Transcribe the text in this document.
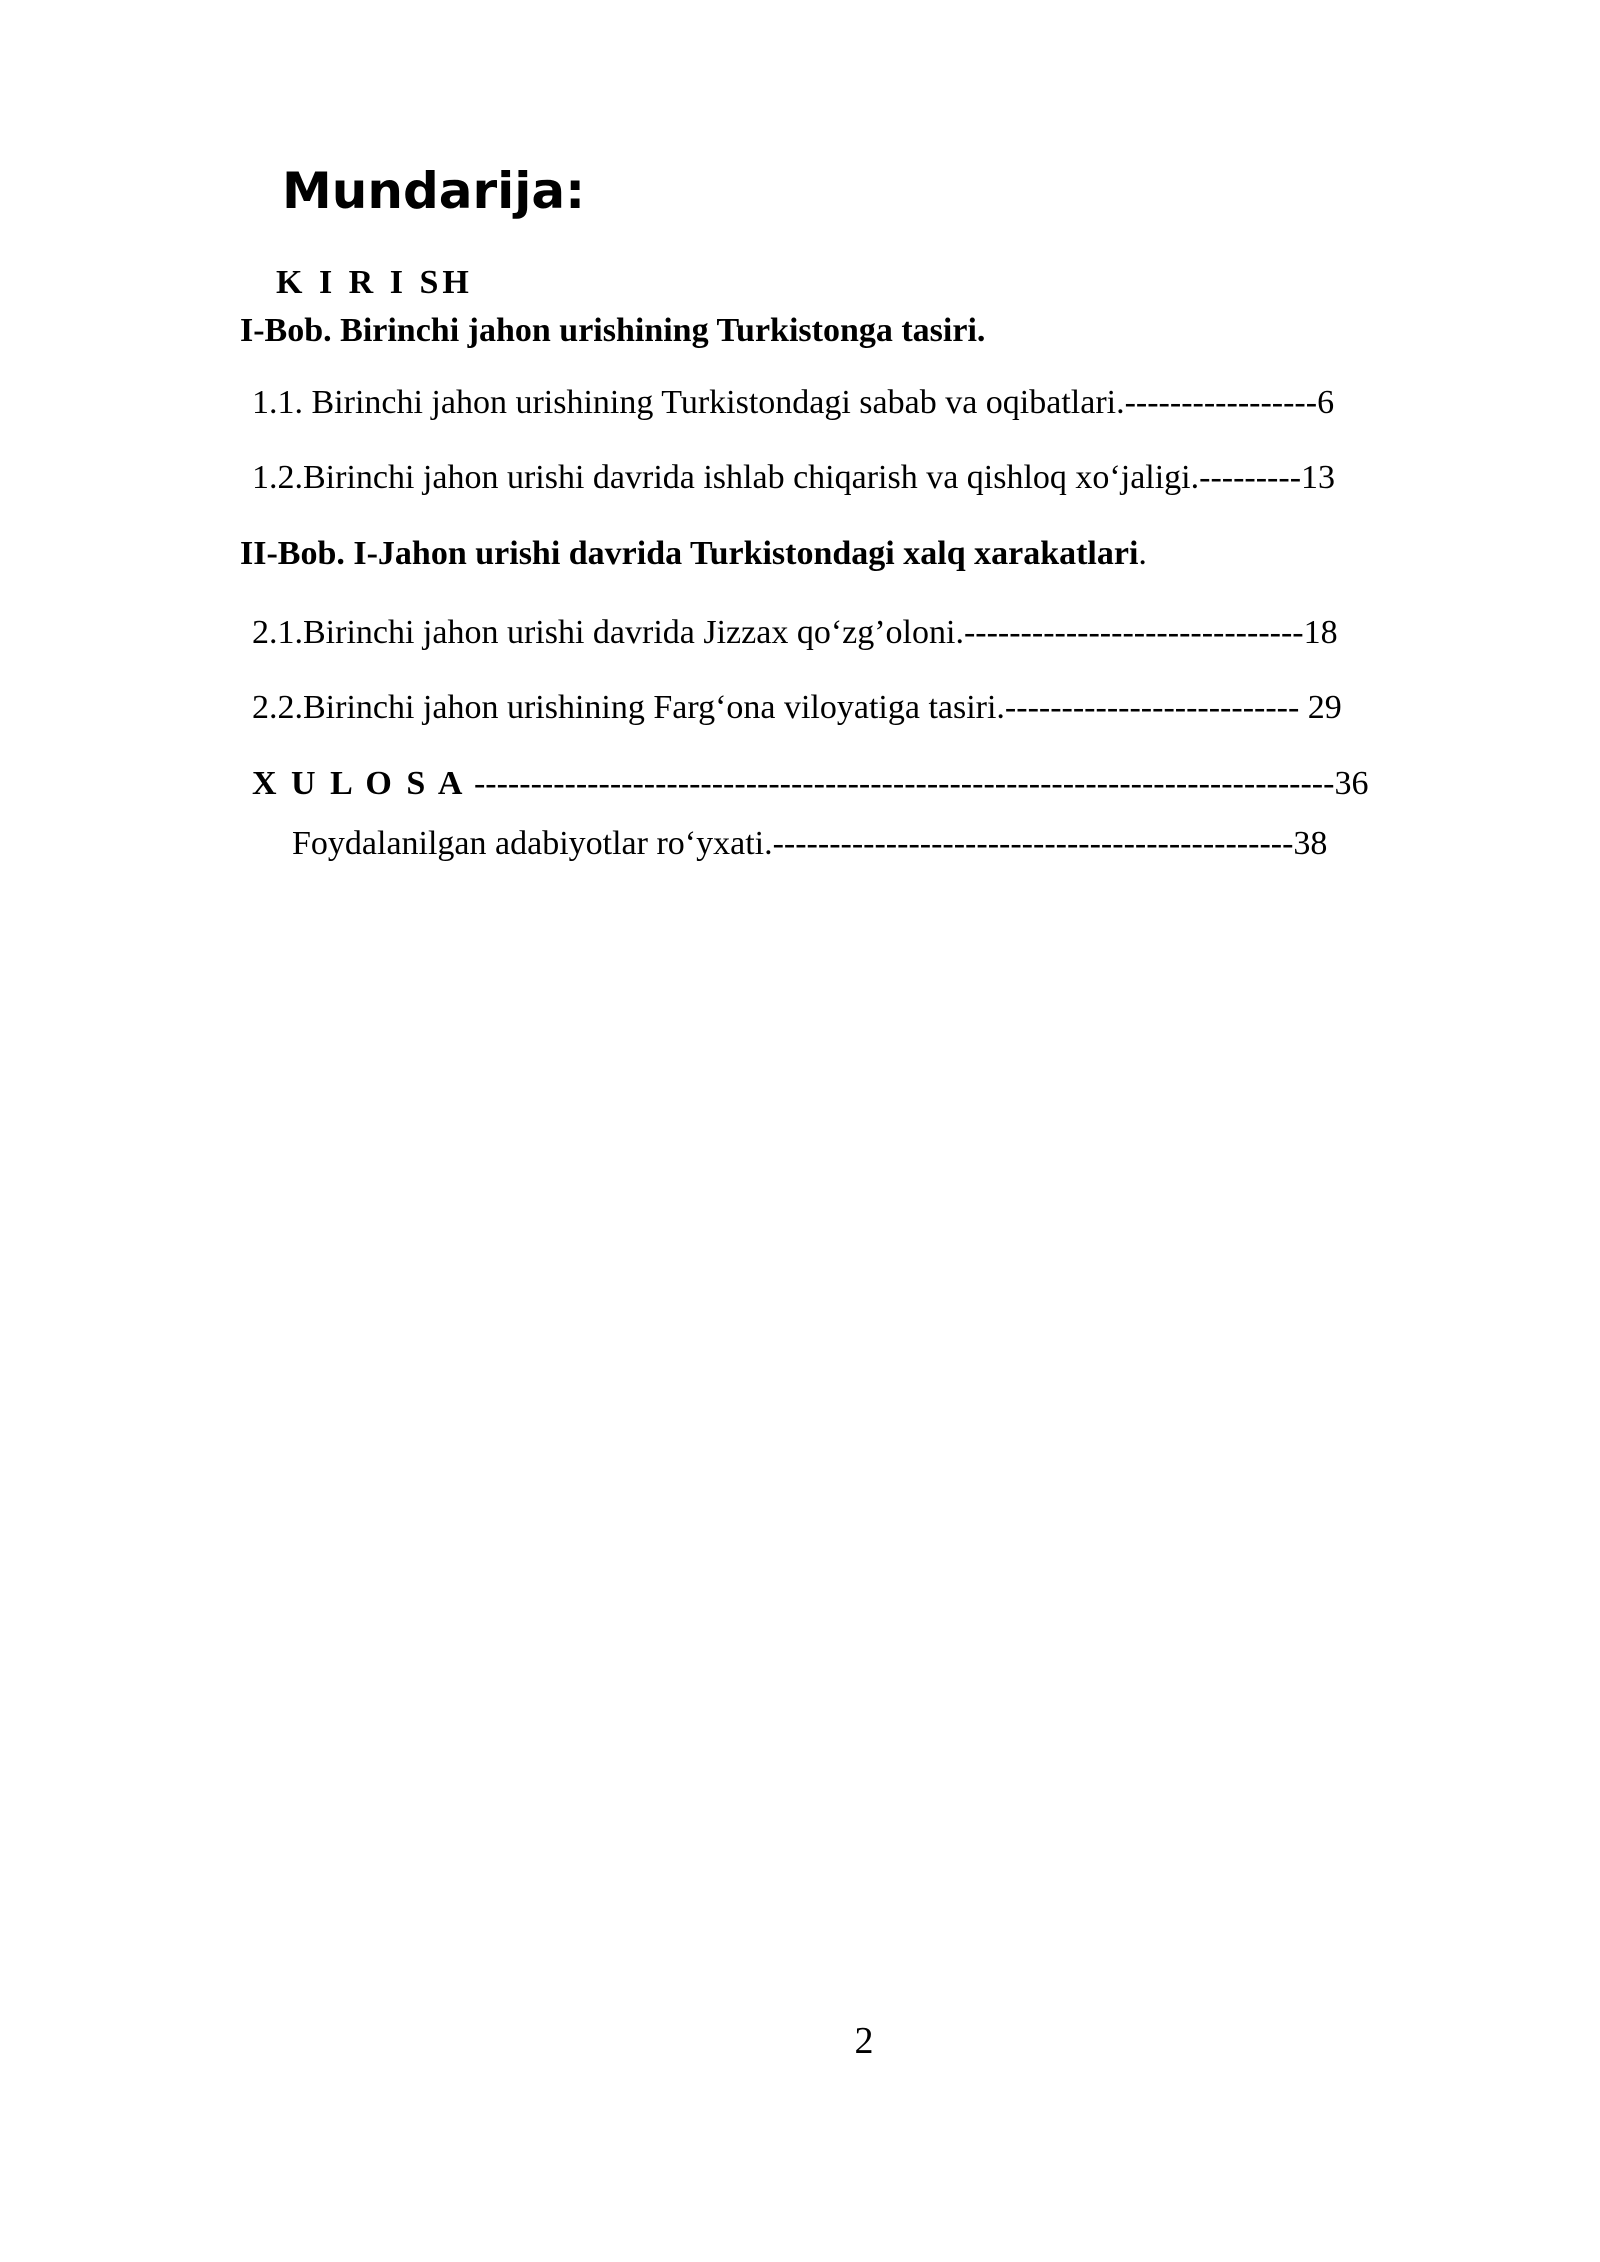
Mundarija:
K I R I SH
I-Bob. Birinchi jahon urishining Turkistonga tasiri.
1.1. Birinchi jahon urishining Turkistondagi sabab va oqibatlari.-----------------6
1.2.Birinchi jahon urishi davrida ishlab chiqarish va qishloq xo‘jaligi.---------13
II-Bob. I-Jahon urishi davrida Turkistondagi xalq xarakatlari.
2.1.Birinchi jahon urishi davrida Jizzax qo‘zg’oloni.------------------------------18
2.2.Birinchi jahon urishining Farg‘ona viloyatiga tasiri.-------------------------- 29
X U L O S A ----------------------------------------------------------------------------36
Foydalanilgan adabiyotlar ro‘yxati.----------------------------------------------38
2
